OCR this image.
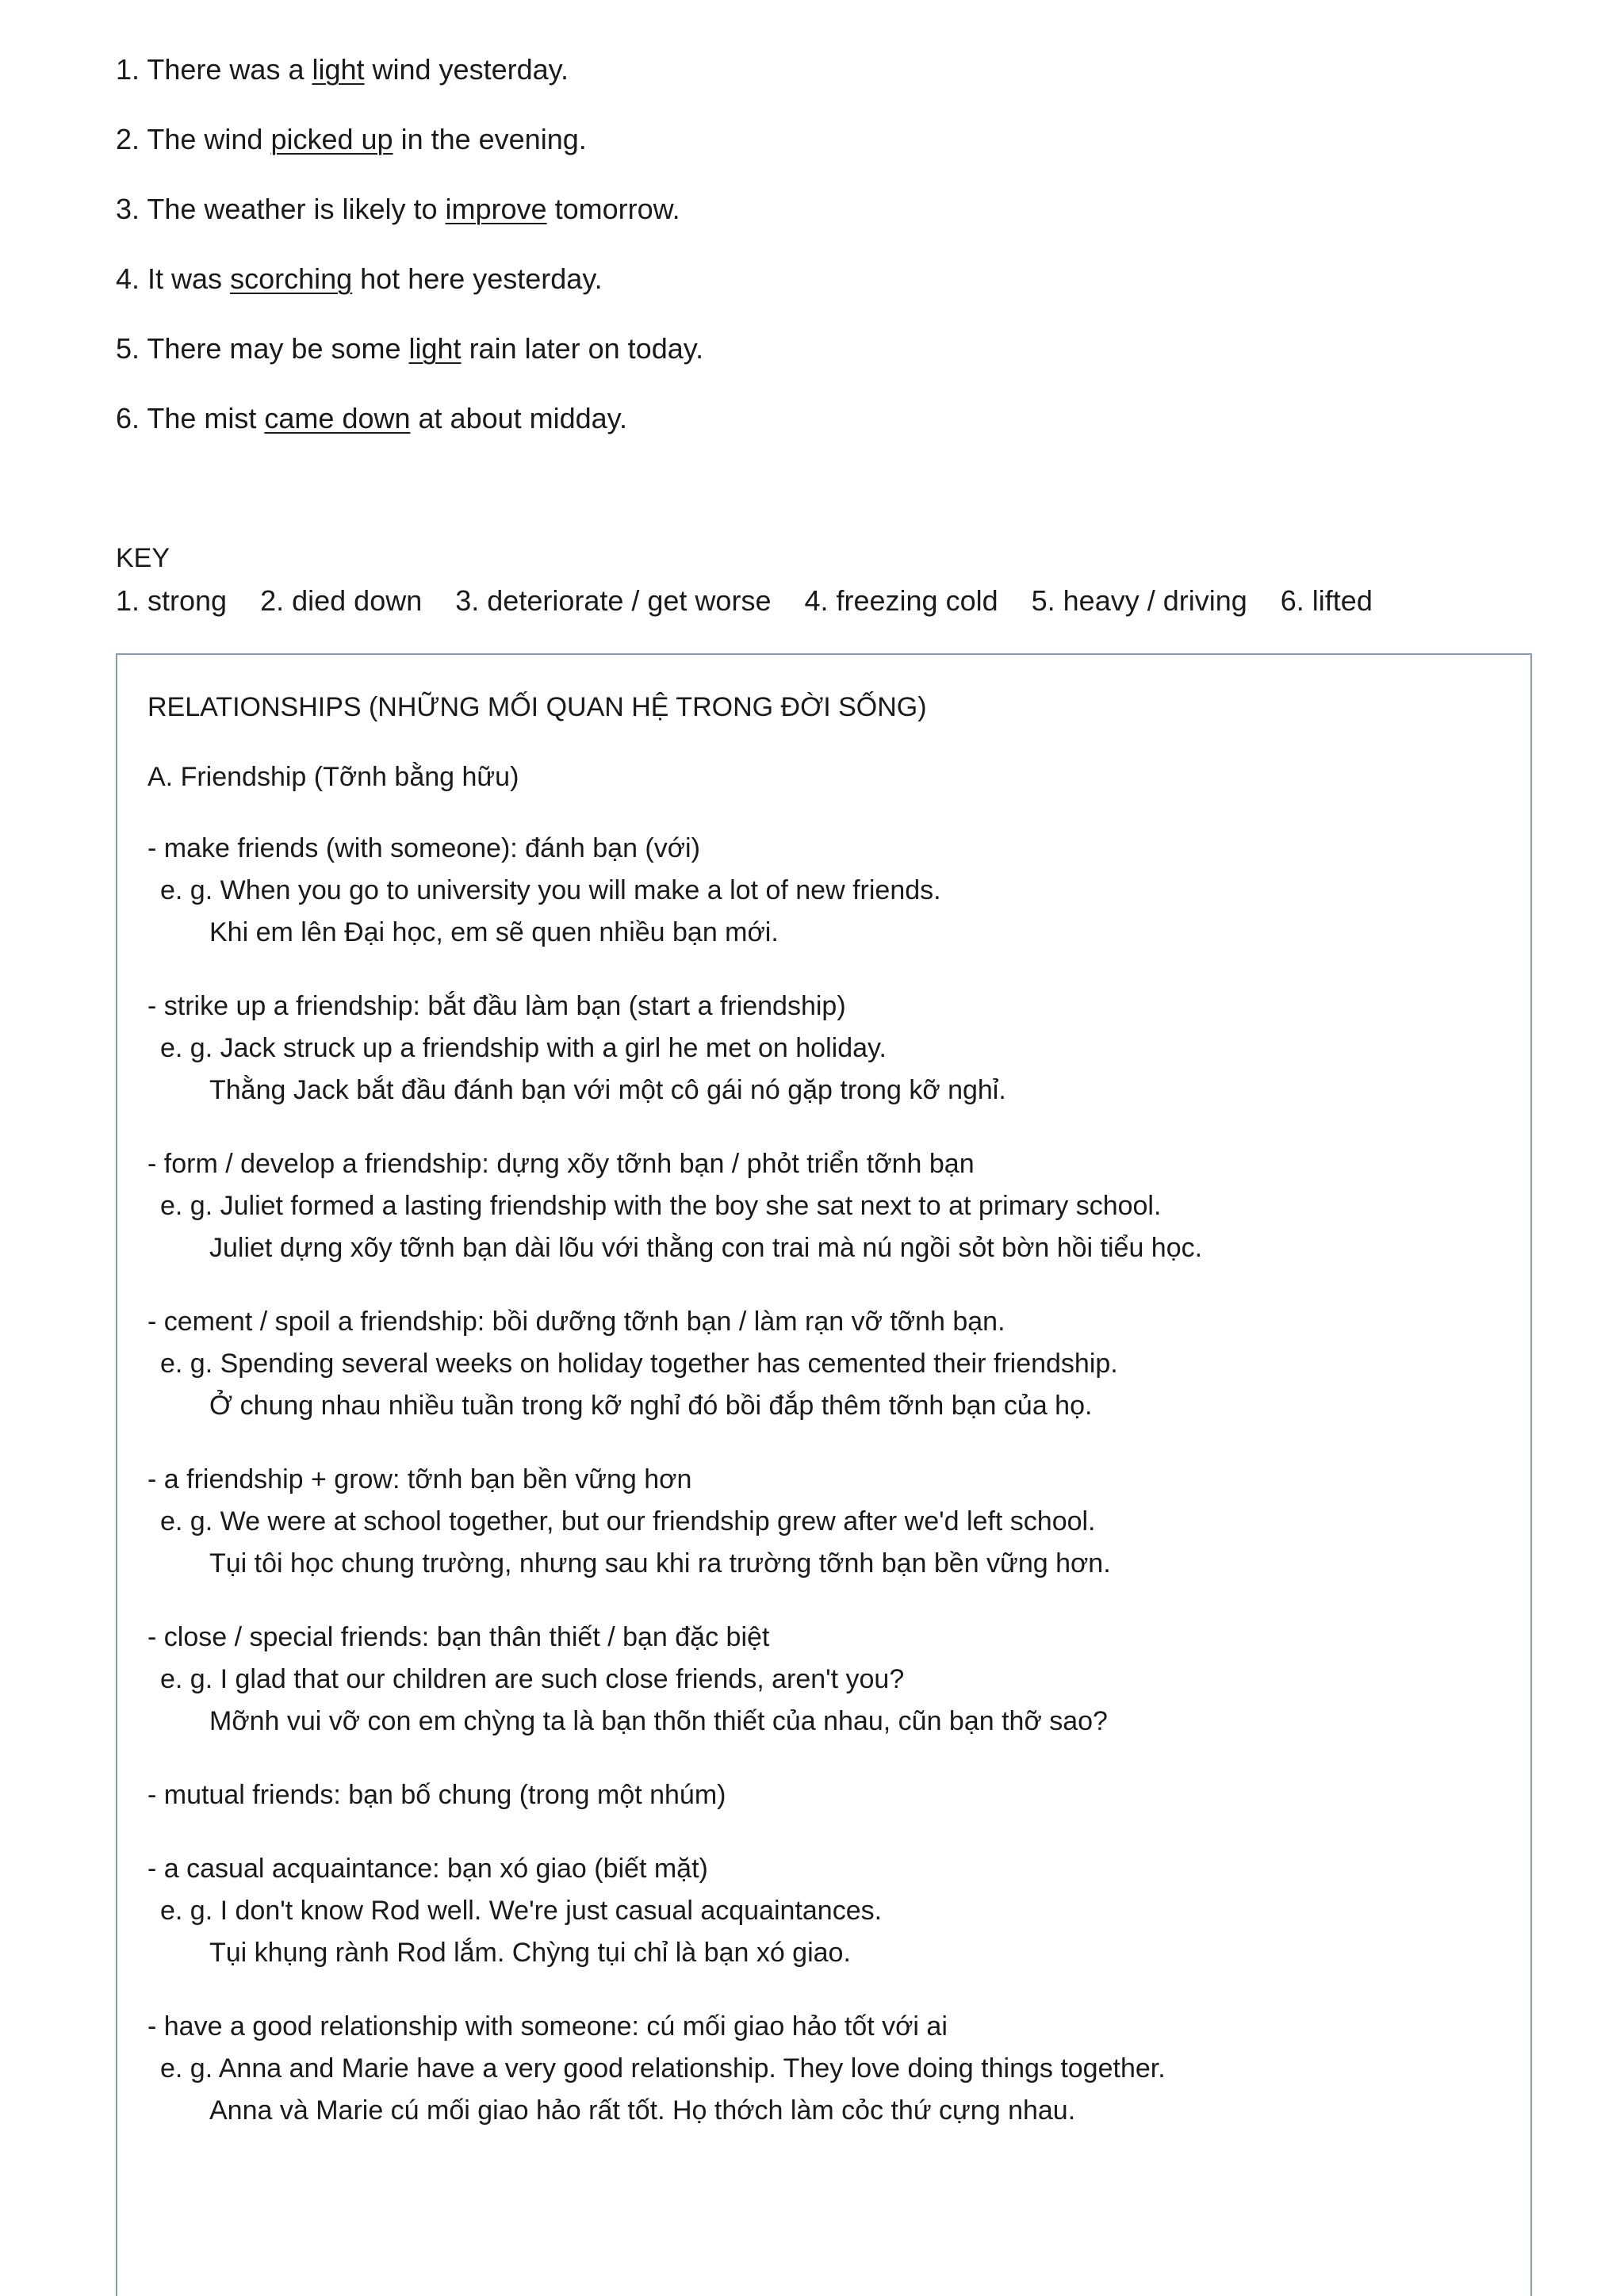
1. There was a light wind yesterday.
2. The wind picked up in the evening.
3. The weather is likely to improve tomorrow.
4. It was scorching hot here yesterday.
5. There may be some light rain later on today.
6. The mist came down at about midday.
KEY
1. strong 2. died down 3. deteriorate / get worse 4. freezing cold 5. heavy / driving 6. lifted
RELATIONSHIPS (NHỮNG MỐI QUAN HỆ TRONG ĐỜI SỐNG)
A. Friendship (Tỡnh bằng hữu)
- make friends (with someone): đánh bạn (với)
e. g. When you go to university you will make a lot of new friends.
Khi em lên Đại học, em sẽ quen nhiều bạn mới.
- strike up a friendship: bắt đầu làm bạn (start a friendship)
e. g. Jack struck up a friendship with a girl he met on holiday.
Thằng Jack bắt đầu đánh bạn với một cô gái nó gặp trong kỡ nghỉ.
- form / develop a friendship: dựng xõy tỡnh bạn / phỏt triển tỡnh bạn
e. g. Juliet formed a lasting friendship with the boy she sat next to at primary school.
Juliet dựng xõy tỡnh bạn dài lõu với thằng con trai mà nú ngồi sỏt bờn hồi tiểu học.
- cement / spoil a friendship: bồi dưỡng tỡnh bạn / làm rạn vỡ tỡnh bạn.
e. g. Spending several weeks on holiday together has cemented their friendship.
Ở chung nhau nhiều tuần trong kỡ nghỉ đó bồi đắp thêm tỡnh bạn của họ.
- a friendship + grow: tỡnh bạn bền vững hơn
e. g. We were at school together, but our friendship grew after we'd left school.
Tụi tôi học chung trường, nhưng sau khi ra trường tỡnh bạn bền vững hơn.
- close / special friends: bạn thân thiết / bạn đặc biệt
e. g. I glad that our children are such close friends, aren't you?
Mỡnh vui vỡ con em chỳng ta là bạn thõn thiết của nhau, cũn bạn thỡ sao?
- mutual friends: bạn bố chung (trong một nhúm)
- a casual acquaintance: bạn xó giao (biết mặt)
e. g. I don't know Rod well. We're just casual acquaintances.
Tụi khụng rành Rod lắm. Chỳng tụi chỉ là bạn xó giao.
- have a good relationship with someone: cú mối giao hảo tốt với ai
e. g. Anna and Marie have a very good relationship. They love doing things together.
Anna và Marie cú mối giao hảo rất tốt. Họ thớch làm cỏc thứ cựng nhau.
